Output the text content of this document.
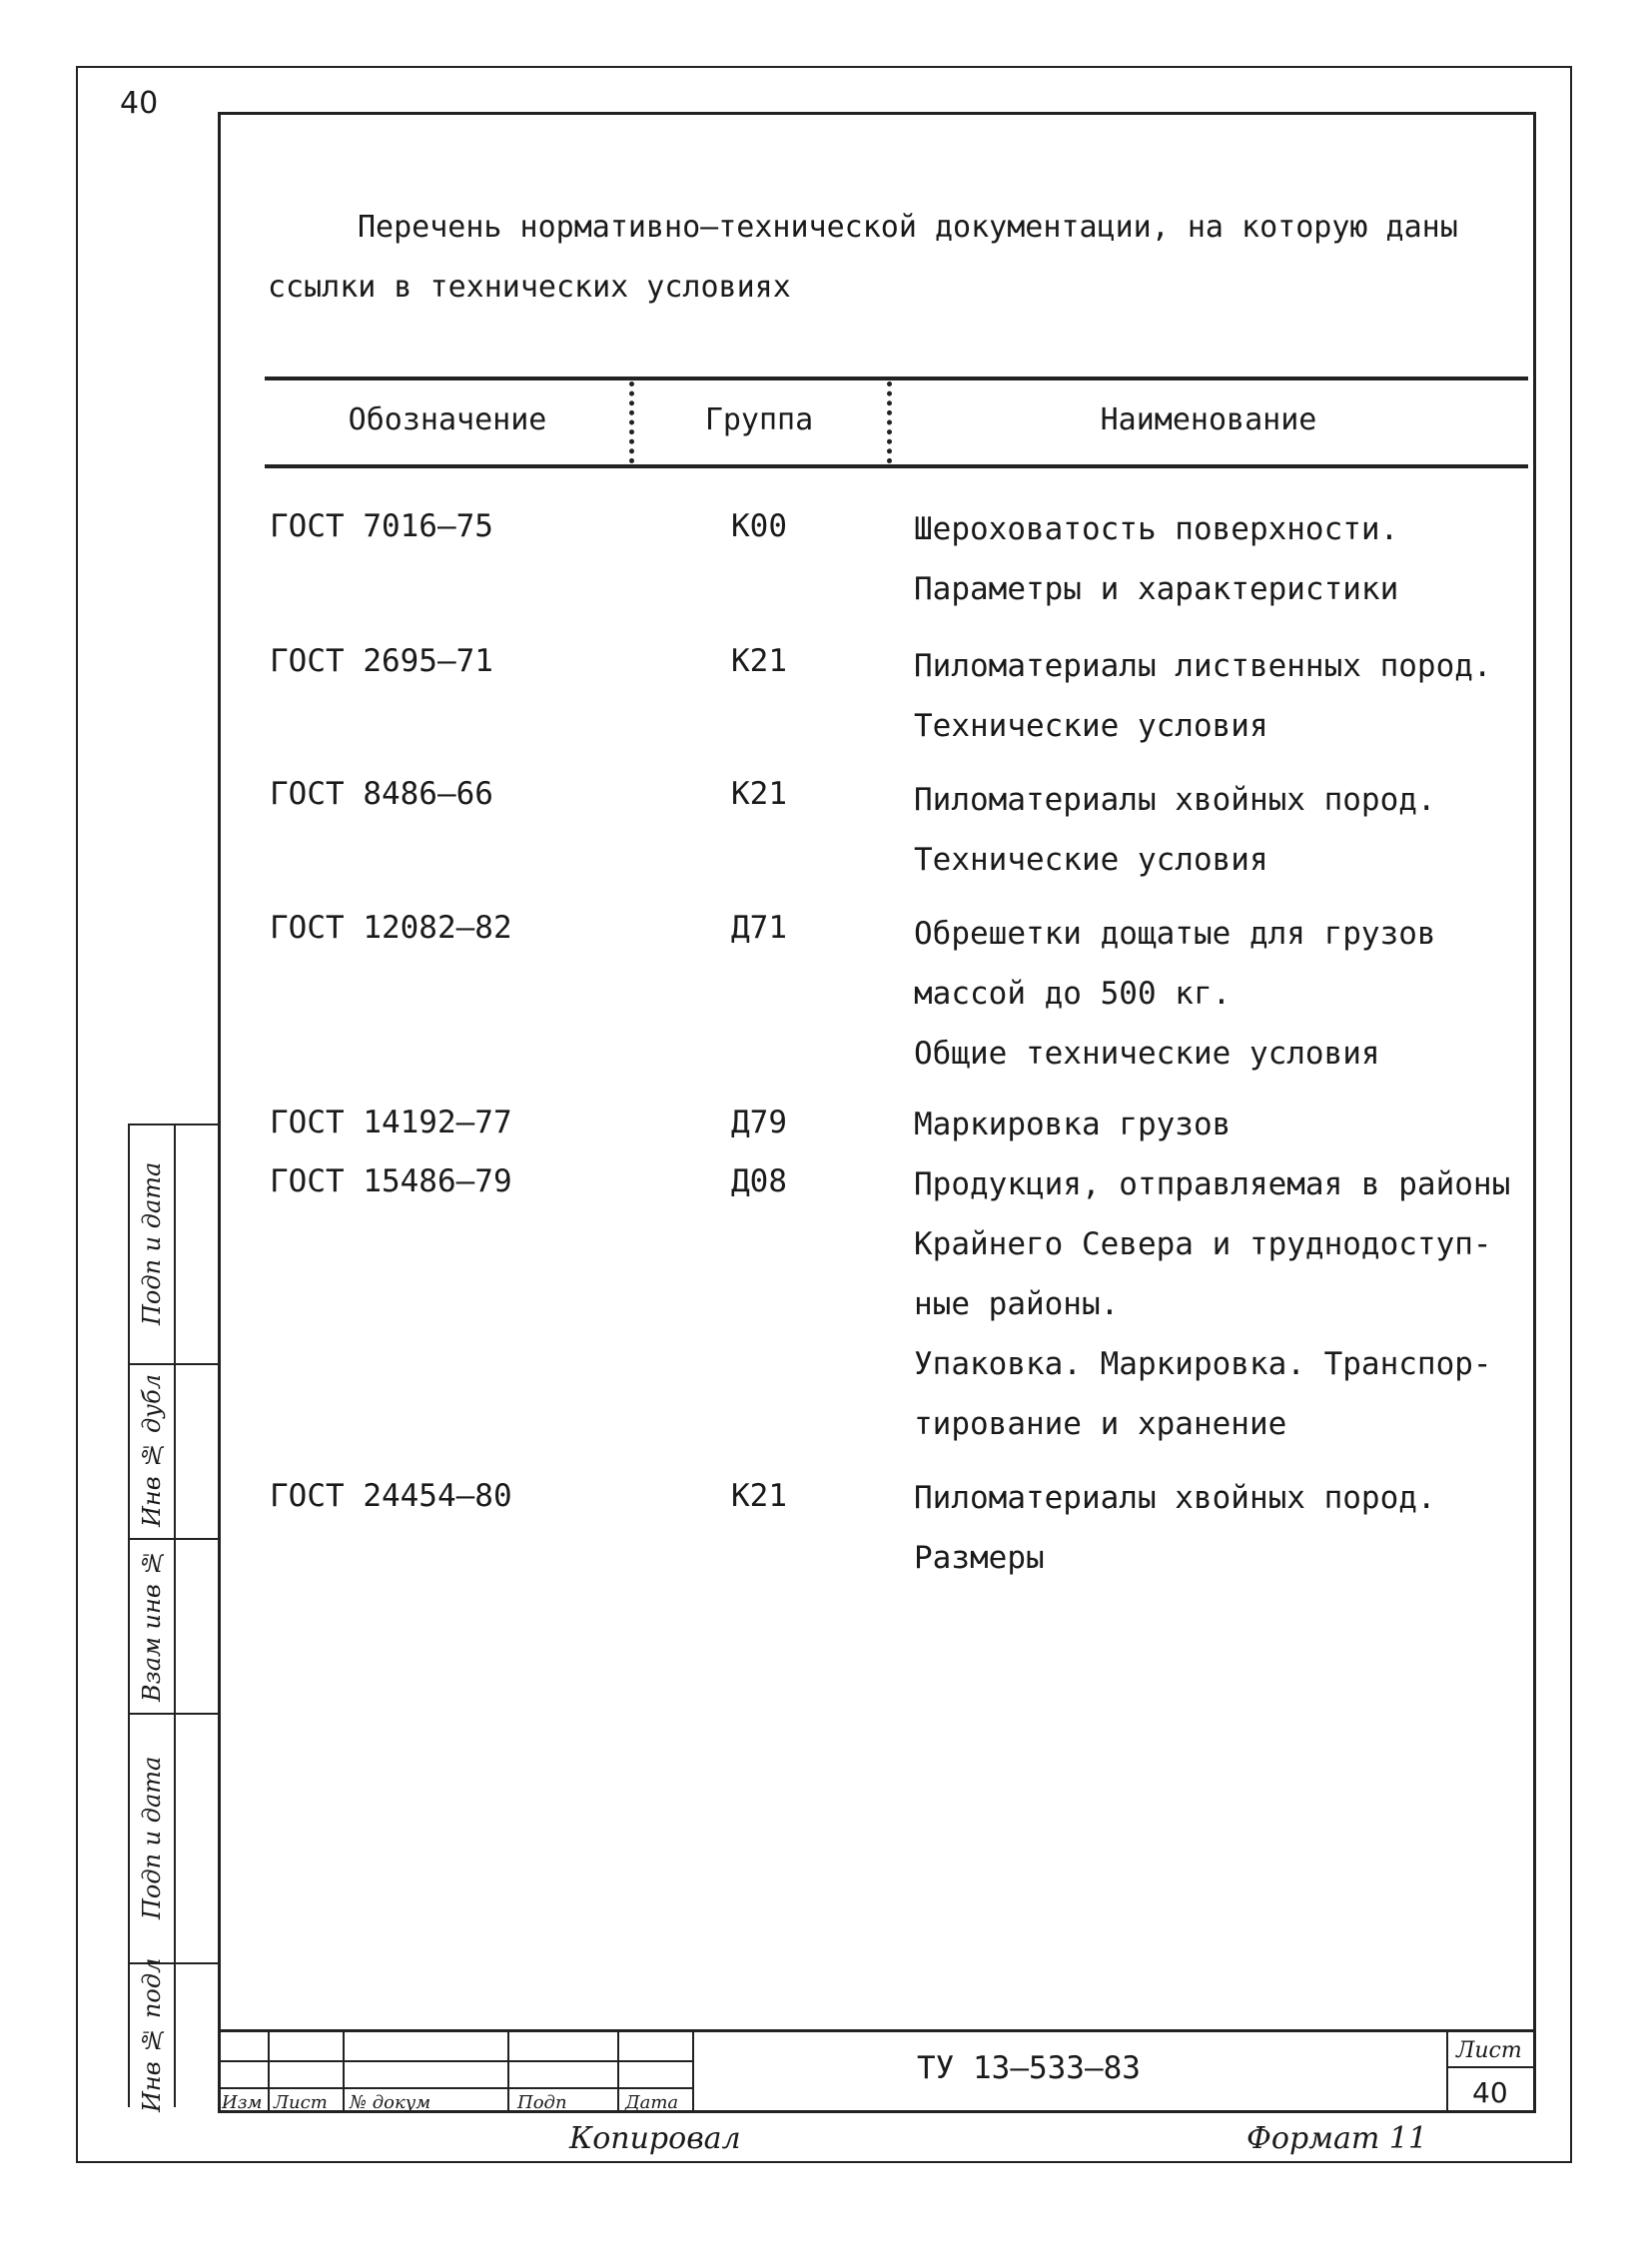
40
Перечень нормативно–технической документации, на которую даны ссылки в технических условиях
Обозначение	Группа	Наименование
ГОСТ 7016–75	К00	Шероховатость поверхности.
Параметры и характеристики
ГОСТ 2695–71	К21	Пиломатериалы лиственных пород.
Технические условия
ГОСТ 8486–66	К21	Пиломатериалы хвойных пород.
Технические условия
ГОСТ 12082–82	Д71	Обрешетки дощатые для грузов
массой до 500 кг.
Общие технические условия
ГОСТ 14192–77	Д79	Маркировка грузов
ГОСТ 15486–79	Д08	Продукция, отправляемая в районы
Крайнего Севера и труднодоступ-
ные районы.
Упаковка. Маркировка. Транспор-
тирование и хранение
ГОСТ 24454–80	К21	Пиломатериалы хвойных пород.
Размеры
Подп и дата
Инв № дубл
Взам инв №
Подп и дата
Инв № подл	Изм Лист № докум	Подп	Дата
ТУ 13–533–83	Лист
40
Копировал	Формат 11
